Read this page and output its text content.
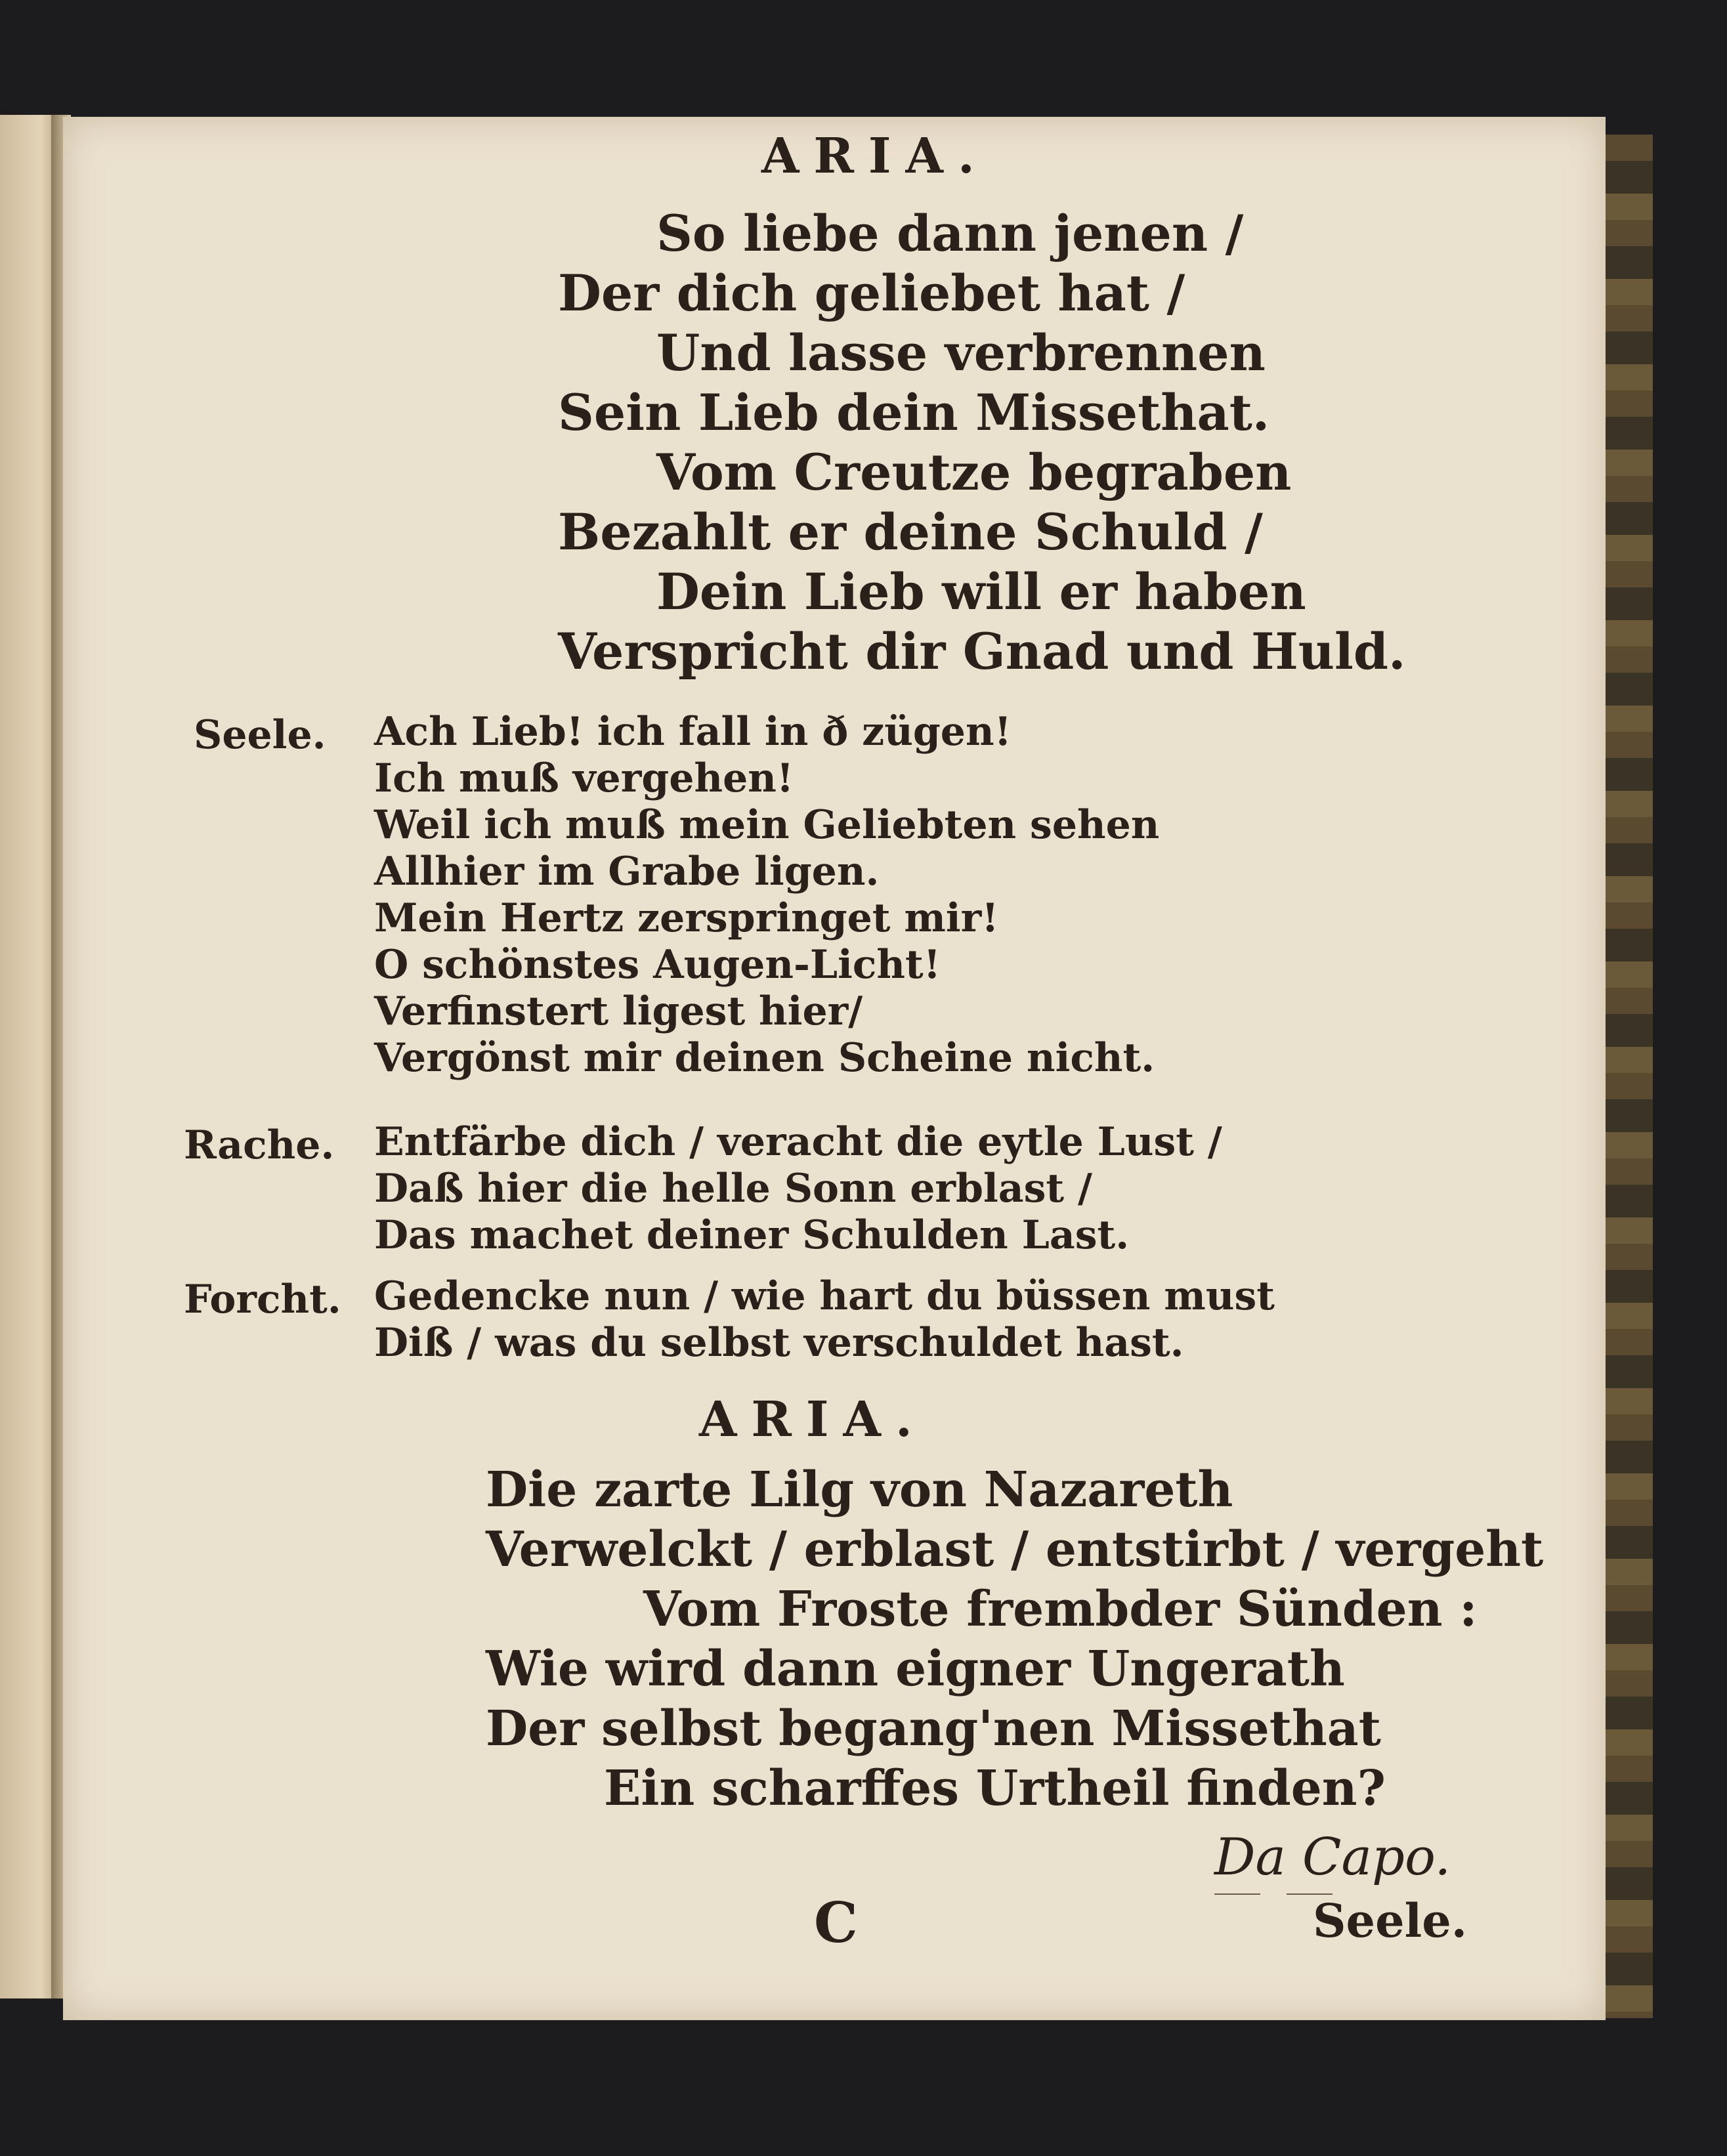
ARIA.
So liebe dann jenen /
Der dich geliebet hat /
Und lasse verbrennen
Sein Lieb dein Missethat.
Vom Creutze begraben
Bezahlt er deine Schuld /
Dein Lieb will er haben
Verspricht dir Gnad und Huld.
Seele. Ach Lieb! ich fall in ð zügen!
Ich muß vergehen!
Weil ich muß mein Geliebten sehen
Allhier im Grabe ligen.
Mein Hertz zerspringet mir!
O schönstes Augen-Licht!
Verfinstert ligest hier/
Vergönst mir deinen Scheine nicht.
Rache. Entfärbe dich / veracht die eytle Lust /
Daß hier die helle Sonn erblast /
Das machet deiner Schulden Last.
Forcht. Gedencke nun / wie hart du büssen must
Diß / was du selbst verschuldet hast.
ARIA.
Die zarte Lilg von Nazareth
Verwelckt / erblast / entstirbt / vergeht
Vom Froste frembder Sünden :
Wie wird dann eigner Ungerath
Der selbst begang'nen Missethat
Ein scharffes Urtheil finden?
Da Capo.
C	Seele.
